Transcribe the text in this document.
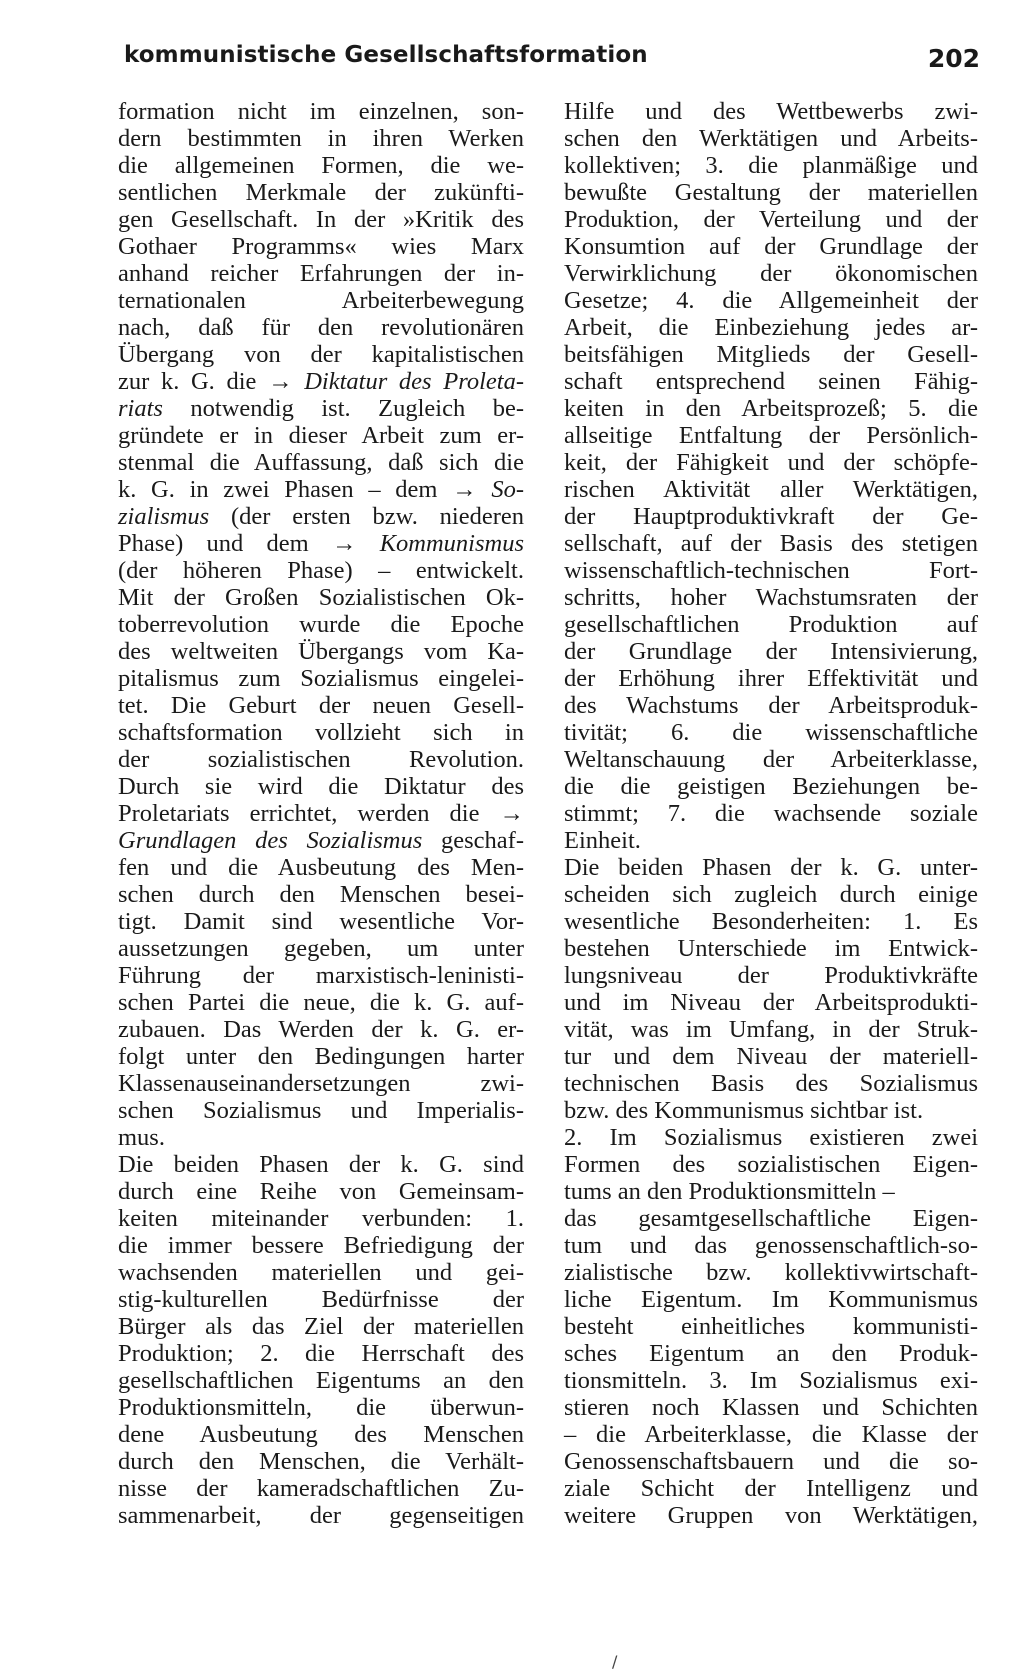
kommunistische Gesellschaftsformation	202
formation nicht im einzelnen, son-
dern bestimmten in ihren Werken
die allgemeinen Formen, die we-
sentlichen Merkmale der zukünfti-
gen Gesellschaft. In der »Kritik des
Gothaer Programms« wies Marx
anhand reicher Erfahrungen der in-
ternationalen Arbeiterbewegung
nach, daß für den revolutionären
Übergang von der kapitalistischen
zur k. G. die → Diktatur des Proleta-
riats notwendig ist. Zugleich be-
gründete er in dieser Arbeit zum er-
stenmal die Auffassung, daß sich die
k. G. in zwei Phasen – dem → So-
zialismus (der ersten bzw. niederen
Phase) und dem → Kommunismus
(der höheren Phase) – entwickelt.
Mit der Großen Sozialistischen Ok-
toberrevolution wurde die Epoche
des weltweiten Übergangs vom Ka-
pitalismus zum Sozialismus eingelei-
tet. Die Geburt der neuen Gesell-
schaftsformation vollzieht sich in
der sozialistischen Revolution.
Durch sie wird die Diktatur des
Proletariats errichtet, werden die →
Grundlagen des Sozialismus geschaf-
fen und die Ausbeutung des Men-
schen durch den Menschen besei-
tigt. Damit sind wesentliche Vor-
aussetzungen gegeben, um unter
Führung der marxistisch-leninisti-
schen Partei die neue, die k. G. auf-
zubauen. Das Werden der k. G. er-
folgt unter den Bedingungen harter
Klassenauseinandersetzungen zwi-
schen Sozialismus und Imperialis-
mus.
Die beiden Phasen der k. G. sind
durch eine Reihe von Gemeinsam-
keiten miteinander verbunden: 1.
die immer bessere Befriedigung der
wachsenden materiellen und gei-
stig-kulturellen Bedürfnisse der
Bürger als das Ziel der materiellen
Produktion; 2. die Herrschaft des
gesellschaftlichen Eigentums an den
Produktionsmitteln, die überwun-
dene Ausbeutung des Menschen
durch den Menschen, die Verhält-
nisse der kameradschaftlichen Zu-
sammenarbeit, der gegenseitigen
Hilfe und des Wettbewerbs zwi-
schen den Werktätigen und Arbeits-
kollektiven; 3. die planmäßige und
bewußte Gestaltung der materiellen
Produktion, der Verteilung und der
Konsumtion auf der Grundlage der
Verwirklichung der ökonomischen
Gesetze; 4. die Allgemeinheit der
Arbeit, die Einbeziehung jedes ar-
beitsfähigen Mitglieds der Gesell-
schaft entsprechend seinen Fähig-
keiten in den Arbeitsprozeß; 5. die
allseitige Entfaltung der Persönlich-
keit, der Fähigkeit und der schöpfe-
rischen Aktivität aller Werktätigen,
der Hauptproduktivkraft der Ge-
sellschaft, auf der Basis des stetigen
wissenschaftlich-technischen Fort-
schritts, hoher Wachstumsraten der
gesellschaftlichen Produktion auf
der Grundlage der Intensivierung,
der Erhöhung ihrer Effektivität und
des Wachstums der Arbeitsproduk-
tivität; 6. die wissenschaftliche
Weltanschauung der Arbeiterklasse,
die die geistigen Beziehungen be-
stimmt; 7. die wachsende soziale
Einheit.
Die beiden Phasen der k. G. unter-
scheiden sich zugleich durch einige
wesentliche Besonderheiten: 1. Es
bestehen Unterschiede im Entwick-
lungsniveau der Produktivkräfte
und im Niveau der Arbeitsprodukti-
vität, was im Umfang, in der Struk-
tur und dem Niveau der materiell-
technischen Basis des Sozialismus
bzw. des Kommunismus sichtbar ist.
2. Im Sozialismus existieren zwei
Formen des sozialistischen Eigen-
tums an den Produktionsmitteln –
das gesamtgesellschaftliche Eigen-
tum und das genossenschaftlich-so-
zialistische bzw. kollektivwirtschaft-
liche Eigentum. Im Kommunismus
besteht einheitliches kommunisti-
sches Eigentum an den Produk-
tionsmitteln. 3. Im Sozialismus exi-
stieren noch Klassen und Schichten
– die Arbeiterklasse, die Klasse der
Genossenschaftsbauern und die so-
ziale Schicht der Intelligenz und
weitere Gruppen von Werktätigen,
/
